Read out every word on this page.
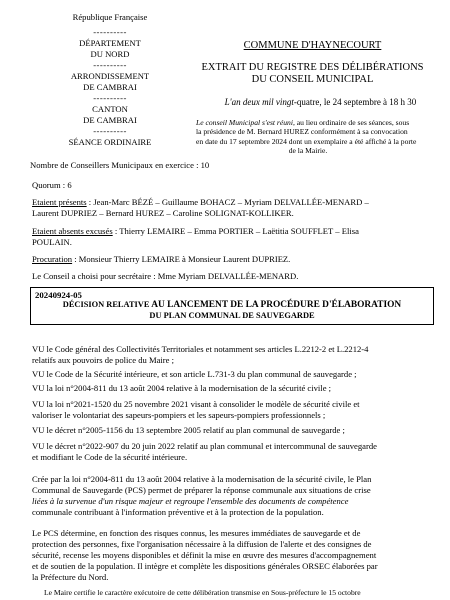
République Française
----------
DÉPARTEMENT
DU NORD
----------
ARRONDISSEMENT
DE CAMBRAI
----------
CANTON
DE CAMBRAI
----------
SÉANCE ORDINAIRE
COMMUNE D'HAYNECOURT
EXTRAIT DU REGISTRE DES DÉLIBÉRATIONS
DU CONSEIL MUNICIPAL
L'an deux mil vingt-quatre, le 24 septembre à 18 h 30
Le conseil Municipal s'est réuni, au lieu ordinaire de ses séances, sous
la présidence de M. Bernard HUREZ conformément à sa convocation
en date du 17 septembre 2024 dont un exemplaire a été affiché à la porte
de la Mairie.
Nombre de Conseillers Municipaux en exercice : 10
Quorum : 6
Etaient présents : Jean-Marc BÉZÉ – Guillaume BOHACZ – Myriam DELVALLÉE-MENARD –
Laurent DUPRIEZ – Bernard HUREZ – Caroline SOLIGNAT-KOLLIKER.
Etaient absents excusés : Thierry LEMAIRE – Emma PORTIER – Laëtitia SOUFFLET – Elisa
POULAIN.
Procuration : Monsieur Thierry LEMAIRE à Monsieur Laurent DUPRIEZ.
Le Conseil a choisi pour secrétaire : Mme Myriam DELVALLÉE-MENARD.
20240924-05
DÉCISION RELATIVE AU LANCEMENT DE LA PROCÉDURE D'ÉLABORATION
DU PLAN COMMUNAL DE SAUVEGARDE
VU le Code général des Collectivités Territoriales et notamment ses articles L.2212-2 et L.2212-4
relatifs aux pouvoirs de police du Maire ;
VU le Code de la Sécurité intérieure, et son article L.731-3 du plan communal de sauvegarde ;
VU la loi n°2004-811 du 13 août 2004 relative à la modernisation de la sécurité civile ;
VU la loi n°2021-1520 du 25 novembre 2021 visant à consolider le modèle de sécurité civile et
valoriser le volontariat des sapeurs-pompiers et les sapeurs-pompiers professionnels ;
VU le décret n°2005-1156 du 13 septembre 2005 relatif au plan communal de sauvegarde ;
VU le décret n°2022-907 du 20 juin 2022 relatif au plan communal et intercommunal de sauvegarde
et modifiant le Code de la sécurité intérieure.
Crée par la loi n°2004-811 du 13 août 2004 relative à la modernisation de la sécurité civile, le Plan
Communal de Sauvegarde (PCS) permet de préparer la réponse communale aux situations de crise
liées à la survenue d'un risque majeur et regroupe l'ensemble des documents de compétence
communale contribuant à l'information préventive et à la protection de la population.
Le PCS détermine, en fonction des risques connus, les mesures immédiates de sauvegarde et de
protection des personnes, fixe l'organisation nécessaire à la diffusion de l'alerte et des consignes de
sécurité, recense les moyens disponibles et définit la mise en œuvre des mesures d'accompagnement
et de soutien de la population. Il intègre et complète les dispositions générales ORSEC élaborées par
la Préfecture du Nord.
Le Maire certifie le caractère exécutoire de cette délibération transmise en Sous-préfecture le 15 octobre
